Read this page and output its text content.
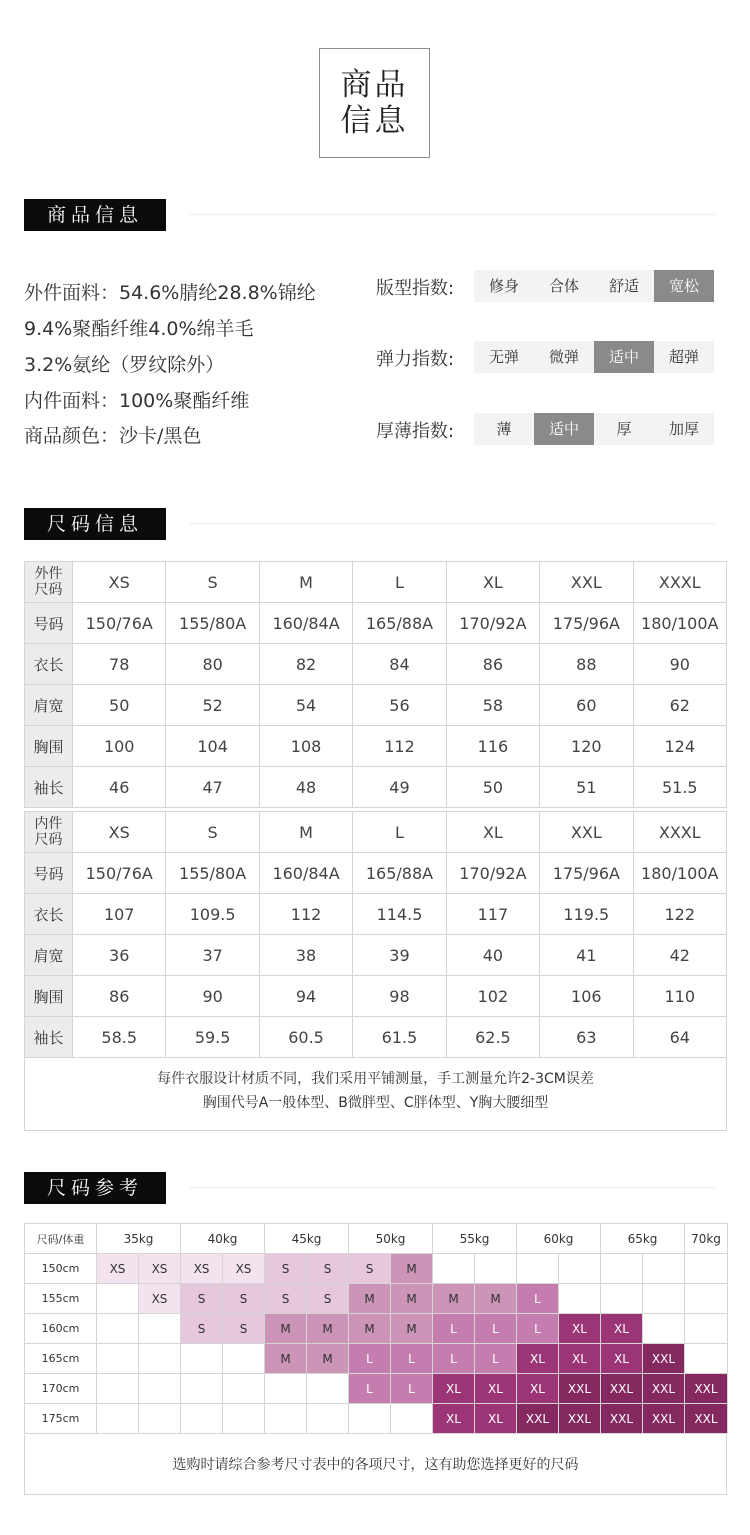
商品
信息
商品信息
外件面料：54.6%腈纶28.8%锦纶
9.4%聚酯纤维4.0%绵羊毛
3.2%氨纶（罗纹除外）
内件面料：100%聚酯纤维
商品颜色：沙卡/黑色
版型指数:	修身	合体	舒适	宽松
弹力指数:	无弹	微弹	适中	超弹
厚薄指数:	薄	适中	厚	加厚
尺码信息
外件
尺码	XS	S	M	L	XL	XXL	XXXL
号码	150/76A	155/80A	160/84A	165/88A	170/92A	175/96A	180/100A
衣长	78	80	82	84	86	88	90
肩宽	50	52	54	56	58	60	62
胸围	100	104	108	112	116	120	124
袖长	46	47	48	49	50	51	51.5
内件
尺码	XS	S	M	L	XL	XXL	XXXL
号码	150/76A	155/80A	160/84A	165/88A	170/92A	175/96A	180/100A
衣长	107	109.5	112	114.5	117	119.5	122
肩宽	36	37	38	39	40	41	42
胸围	86	90	94	98	102	106	110
袖长	58.5	59.5	60.5	61.5	62.5	63	64
每件衣服设计材质不同，我们采用平铺测量，手工测量允许2-3CM误差
胸围代号A一般体型、B微胖型、C胖体型、Y胸大腰细型
尺码参考
尺码/体重	35kg		40kg		45kg		50kg		55kg		60kg		65kg		70kg
150cm	XS	XS	XS	XS	S	S	S	M							
155cm		XS	S	S	S	S	M	M	M	M	L				
160cm			S	S	M	M	M	M	L	L	L	XL	XL		
165cm					M	M	L	L	L	L	XL	XL	XL	XXL	
170cm							L	L	XL	XL	XL	XXL	XXL	XXL	XXL
175cm									XL	XL	XXL	XXL	XXL	XXL	XXL
选购时请综合参考尺寸表中的各项尺寸，这有助您选择更好的尺码
